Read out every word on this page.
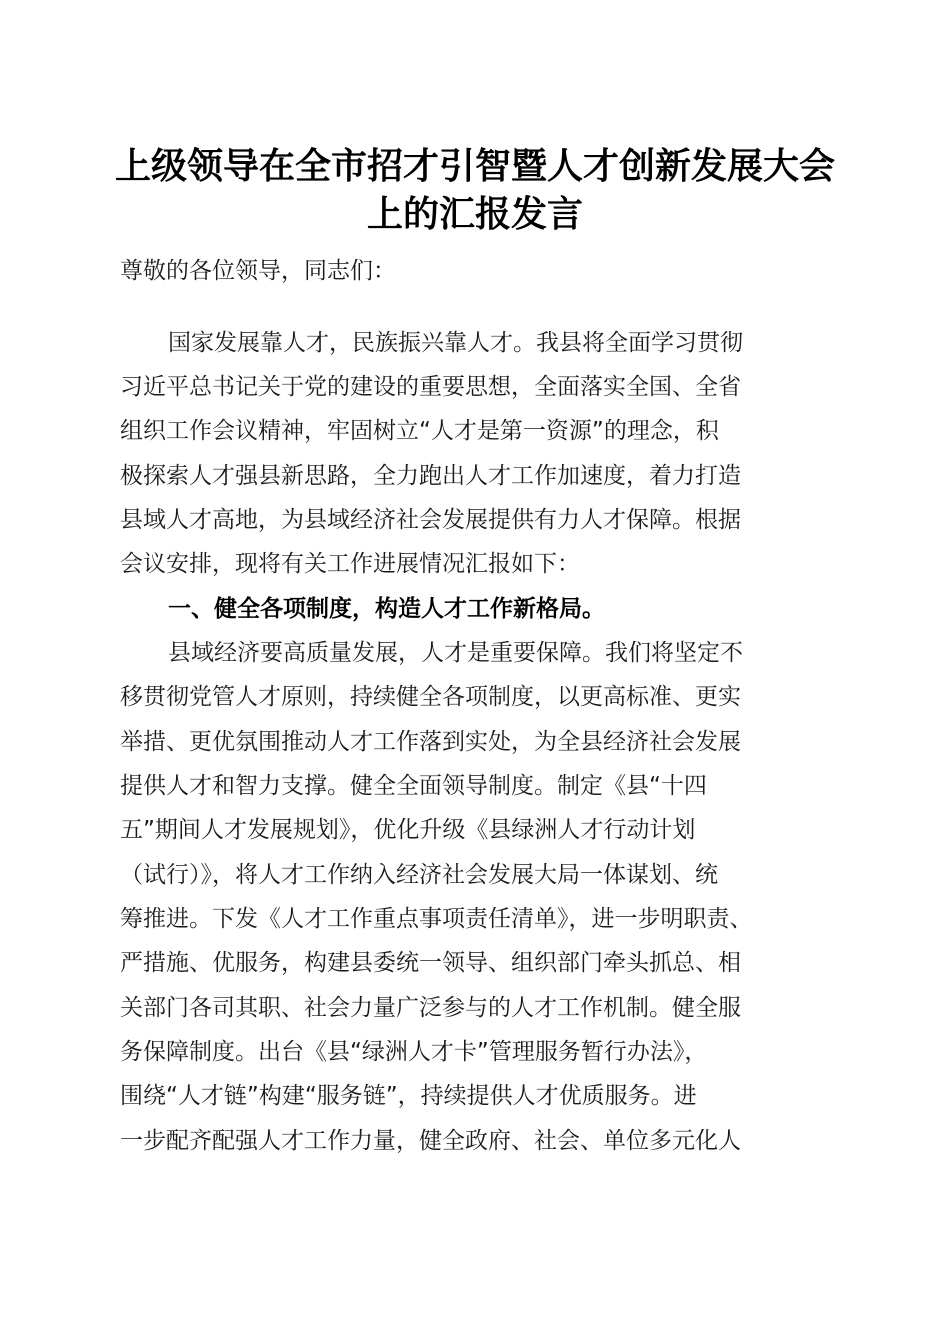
上级领导在全市招才引智暨人才创新发展大会
上的汇报发言
尊敬的各位领导，同志们：
国家发展靠人才，民族振兴靠人才。我县将全面学习贯彻
习近平总书记关于党的建设的重要思想，全面落实全国、全省
组织工作会议精神，牢固树立“人才是第一资源”的理念，积
极探索人才强县新思路，全力跑出人才工作加速度，着力打造
县域人才高地，为县域经济社会发展提供有力人才保障。根据
会议安排，现将有关工作进展情况汇报如下：
一、健全各项制度，构造人才工作新格局。
县域经济要高质量发展，人才是重要保障。我们将坚定不
移贯彻党管人才原则，持续健全各项制度，以更高标准、更实
举措、更优氛围推动人才工作落到实处，为全县经济社会发展
提供人才和智力支撑。健全全面领导制度。制定《县“十四
五”期间人才发展规划》，优化升级《县绿洲人才行动计划
（试行）》，将人才工作纳入经济社会发展大局一体谋划、统
筹推进。下发《人才工作重点事项责任清单》，进一步明职责、
严措施、优服务，构建县委统一领导、组织部门牵头抓总、相
关部门各司其职、社会力量广泛参与的人才工作机制。健全服
务保障制度。出台《县“绿洲人才卡”管理服务暂行办法》，
围绕“人才链”构建“服务链”，持续提供人才优质服务。进
一步配齐配强人才工作力量，健全政府、社会、单位多元化人
